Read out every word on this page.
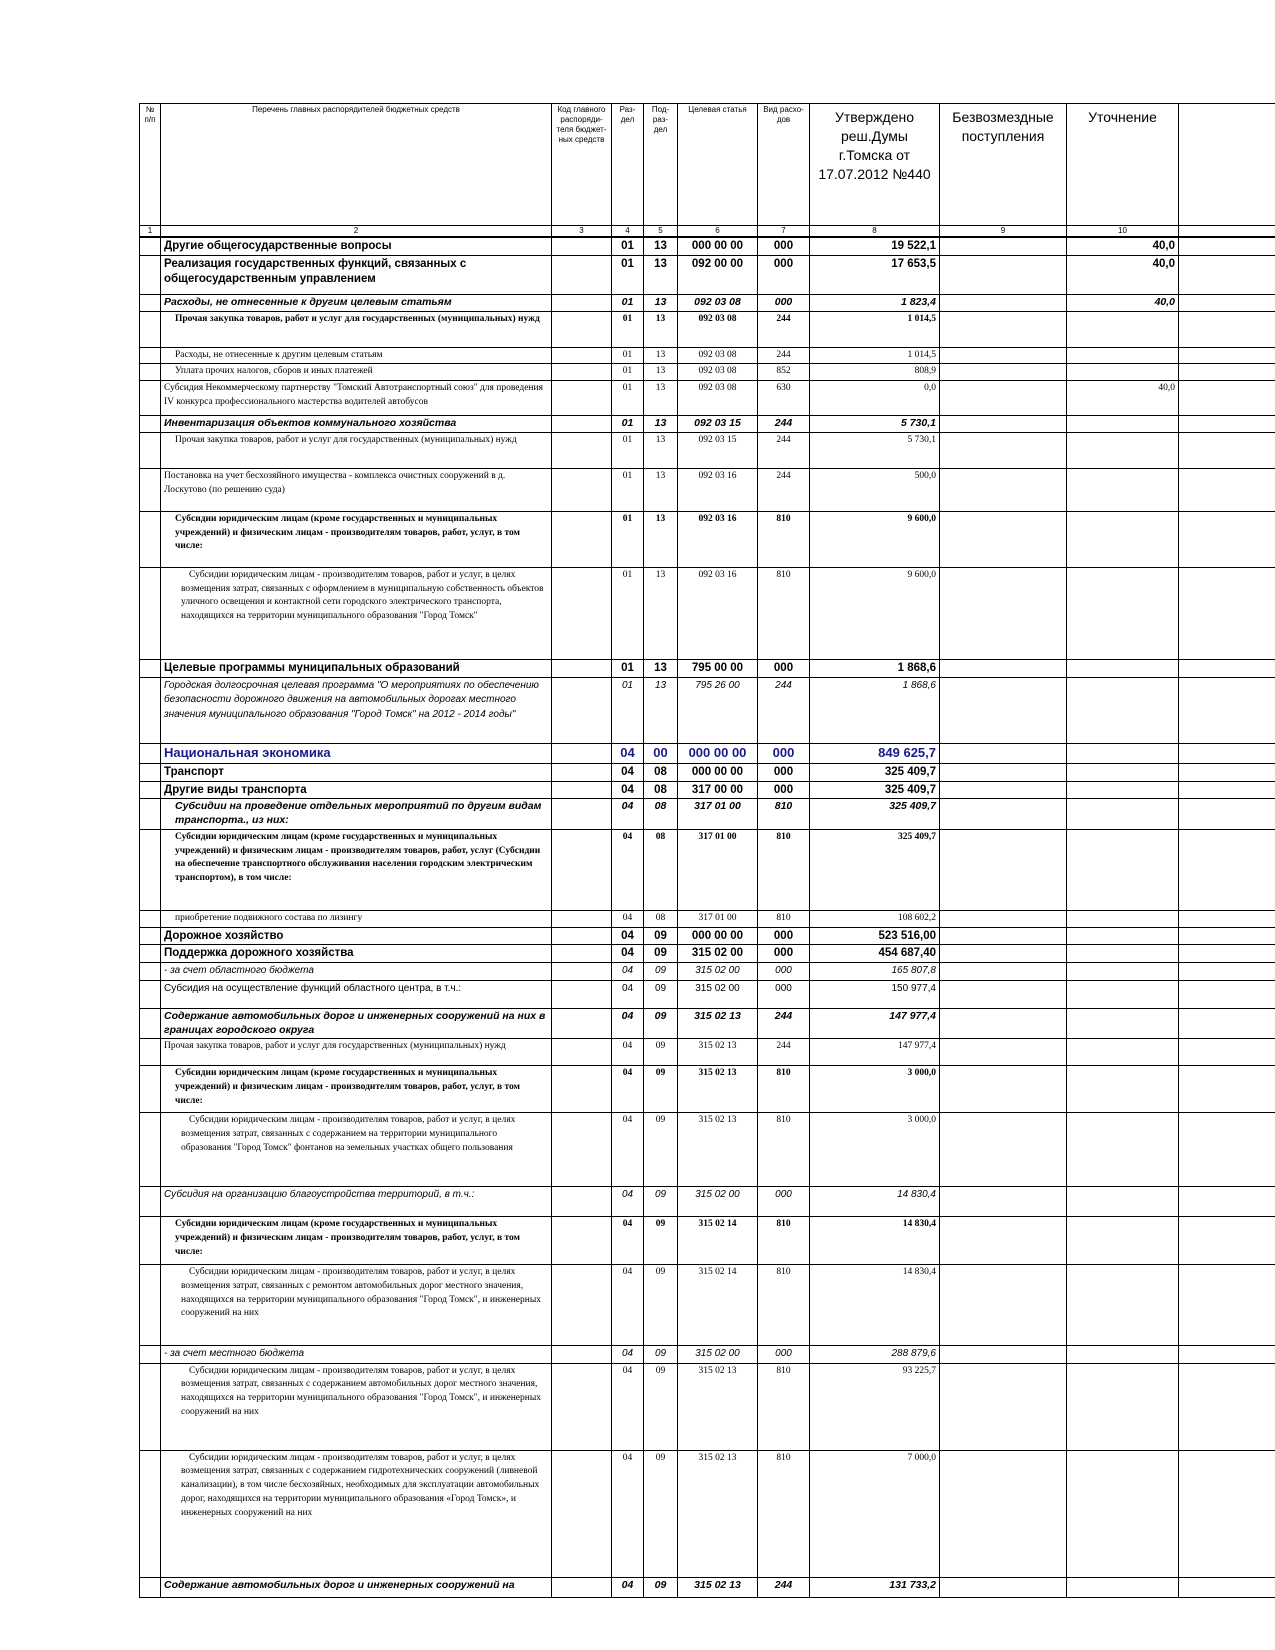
№ п/п	Перечень главных распорядителей бюджетных средств	Код главного распоряди-теля бюджет-ных средств	Раз-дел	Под-раз-дел	Целевая статья	Вид расхо-дов	Утверждено реш.Думы г.Томска от 17.07.2012 №440	Безвозмездные поступления	Уточнение	
1	2	3	4	5	6	7	8	9	10	
	Другие общегосударственные вопросы		01	13	000 00 00	000	19 522,1		40,0	
	Реализация государственных функций, связанных с общегосударственным управлением		01	13	092 00 00	000	17 653,5		40,0	
	Расходы, не отнесенные к другим целевым статьям		01	13	092 03 08	000	1 823,4		40,0	
	Прочая закупка товаров, работ и услуг для государственных (муниципальных) нужд		01	13	092 03 08	244	1 014,5			
	Расходы, не отнесенные к другим целевым статьям		01	13	092 03 08	244	1 014,5			
	Уплата прочих налогов, сборов и иных платежей		01	13	092 03 08	852	808,9			
	Субсидия Некоммерческому партнерству "Томский Автотранспортный союз" для проведения IV конкурса профессионального мастерства водителей автобусов		01	13	092 03 08	630	0,0		40,0	
	Инвентаризация объектов коммунального хозяйства		01	13	092 03 15	244	5 730,1			
	Прочая закупка товаров, работ и услуг для государственных (муниципальных) нужд		01	13	092 03 15	244	5 730,1			
	Постановка на учет бесхозяйного имущества - комплекса очистных сооружений в д. Лоскутово (по решению суда)		01	13	092 03 16	244	500,0			
	Субсидии юридическим лицам (кроме государственных и муниципальных учреждений) и физическим лицам - производителям товаров, работ, услуг, в том числе:		01	13	092 03 16	810	9 600,0			
	Субсидии юридическим лицам - производителям товаров, работ и услуг, в целях возмещения затрат, связанных с оформлением в муниципальную собственность объектов уличного освещения и контактной сети городского электрического транспорта, находящихся на территории муниципального образования "Город Томск"		01	13	092 03 16	810	9 600,0			
	Целевые программы муниципальных образований		01	13	795 00 00	000	1 868,6			
	Городская долгосрочная целевая программа "О мероприятиях по обеспечению безопасности дорожного движения на автомобильных дорогах местного значения муниципального образования "Город Томск" на 2012 - 2014 годы"		01	13	795 26 00	244	1 868,6			
	Национальная экономика		04	00	000 00 00	000	849 625,7			
	Транспорт		04	08	000 00 00	000	325 409,7			
	Другие виды транспорта		04	08	317 00 00	000	325 409,7			
	Субсидии на проведение отдельных мероприятий по другим видам транспорта., из них:		04	08	317 01 00	810	325 409,7			
	Субсидии юридическим лицам (кроме государственных и муниципальных учреждений) и физическим лицам - производителям товаров, работ, услуг (Субсидии на обеспечение транспортного обслуживания населения городским электрическим транспортом), в том числе:		04	08	317 01 00	810	325 409,7			
	приобретение подвижного состава по лизингу		04	08	317 01 00	810	108 602,2			
	Дорожное хозяйство		04	09	000 00 00	000	523 516,00			
	Поддержка дорожного хозяйства		04	09	315 02 00	000	454 687,40			
	- за счет областного бюджета		04	09	315 02 00	000	165 807,8			
	Субсидия на осуществление функций областного центра, в т.ч.:		04	09	315 02 00	000	150 977,4			
	Содержание автомобильных дорог и инженерных сооружений на них в границах городского округа		04	09	315 02 13	244	147 977,4			
	Прочая закупка товаров, работ и услуг для государственных (муниципальных) нужд		04	09	315 02 13	244	147 977,4			
	Субсидии юридическим лицам (кроме государственных и муниципальных учреждений) и физическим лицам - производителям товаров, работ, услуг, в том числе:		04	09	315 02 13	810	3 000,0			
	Субсидии юридическим лицам - производителям товаров, работ и услуг, в целях возмещения затрат, связанных с содержанием на территории муниципального образования "Город Томск" фонтанов на земельных участках общего пользования		04	09	315 02 13	810	3 000,0			
	Субсидия на организацию благоустройства территорий, в т.ч.:		04	09	315 02 00	000	14 830,4			
	Субсидии юридическим лицам (кроме государственных и муниципальных учреждений) и физическим лицам - производителям товаров, работ, услуг, в том числе:		04	09	315 02 14	810	14 830,4			
	Субсидии юридическим лицам - производителям товаров, работ и услуг, в целях возмещения затрат, связанных с ремонтом автомобильных дорог местного значения, находящихся на территории муниципального образования "Город Томск", и инженерных сооружений на них		04	09	315 02 14	810	14 830,4			
	- за счет местного бюджета		04	09	315 02 00	000	288 879,6			
	Субсидии юридическим лицам - производителям товаров, работ и услуг, в целях возмещения затрат, связанных с содержанием автомобильных дорог местного значения, находящихся на территории муниципального образования "Город Томск", и инженерных сооружений на них		04	09	315 02 13	810	93 225,7			
	Субсидии юридическим лицам - производителям товаров, работ и услуг, в целях возмещения затрат, связанных с содержанием гидротехнических сооружений (ливневой канализации), в том числе бесхозяйных, необходимых для эксплуатации автомобильных дорог, находящихся на территории муниципального образования «Город Томск», и инженерных сооружений на них		04	09	315 02 13	810	7 000,0			
	Содержание автомобильных дорог и инженерных сооружений на		04	09	315 02 13	244	131 733,2			
